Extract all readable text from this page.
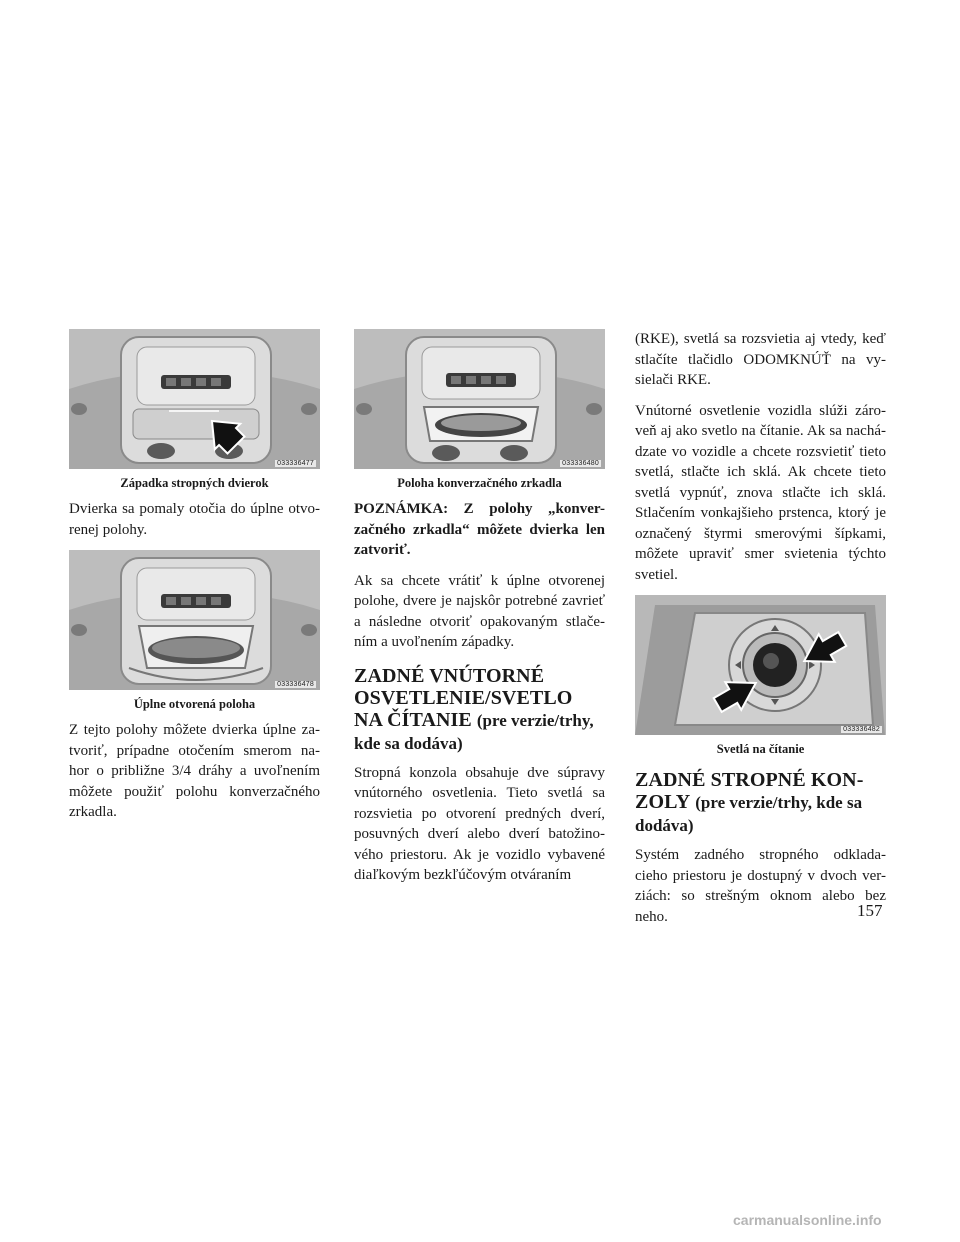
033336477
Západka stropných dvierok

Dvierka sa pomaly otočia do úplne otvo- renej polohy.

033336478
Úplne otvorená poloha

Z tejto polohy môžete dvierka úplne za- tvoriť, prípadne otočením smerom na- hor o približne 3/4 dráhy a uvoľnením môžete použiť polohu konverzačného zrkadla.

033336480
Poloha konverzačného zrkadla
POZNÁMKA: Z polohy „konver- začného zrkadla“ môžete dvierka len zatvoriť.

Ak sa chcete vrátiť k úplne otvorenej polohe, dvere je najskôr potrebné zavrieť a následne otvoriť opakovaným stlače- ním a uvoľnením západky.

ZADNÉ VNÚTORNÉ OSVETLENIE/SVETLO NA ČÍTANIE (pre verzie/trhy, kde sa dodáva)

Stropná konzola obsahuje dve súpravy vnútorného osvetlenia. Tieto svetlá sa rozsvietia po otvorení predných dverí, posuvných dverí alebo dverí batožino- vého priestoru. Ak je vozidlo vybavené diaľkovým bezkľúčovým otváraním

(RKE), svetlá sa rozsvietia aj vtedy, keď stlačíte tlačidlo ODOMKNÚŤ na vy- sielači RKE.

Vnútorné osvetlenie vozidla slúži záro- veň aj ako svetlo na čítanie. Ak sa nachá- dzate vo vozidle a chcete rozsvietiť tieto svetlá, stlačte ich sklá. Ak chcete tieto svetlá vypnúť, znova stlačte ich sklá. Stlačením vonkajšieho prstenca, ktorý je označený štyrmi smerovými šípkami, môžete upraviť smer svietenia týchto svetiel.

033336482
Svetlá na čítanie
ZADNÉ STROPNÉ KON- ZOLY (pre verzie/trhy, kde sa dodáva)

Systém zadného stropného odklada- cieho priestoru je dostupný v dvoch ver- ziách: so strešným oknom alebo bez neho.	157
carmanualsonline.info
